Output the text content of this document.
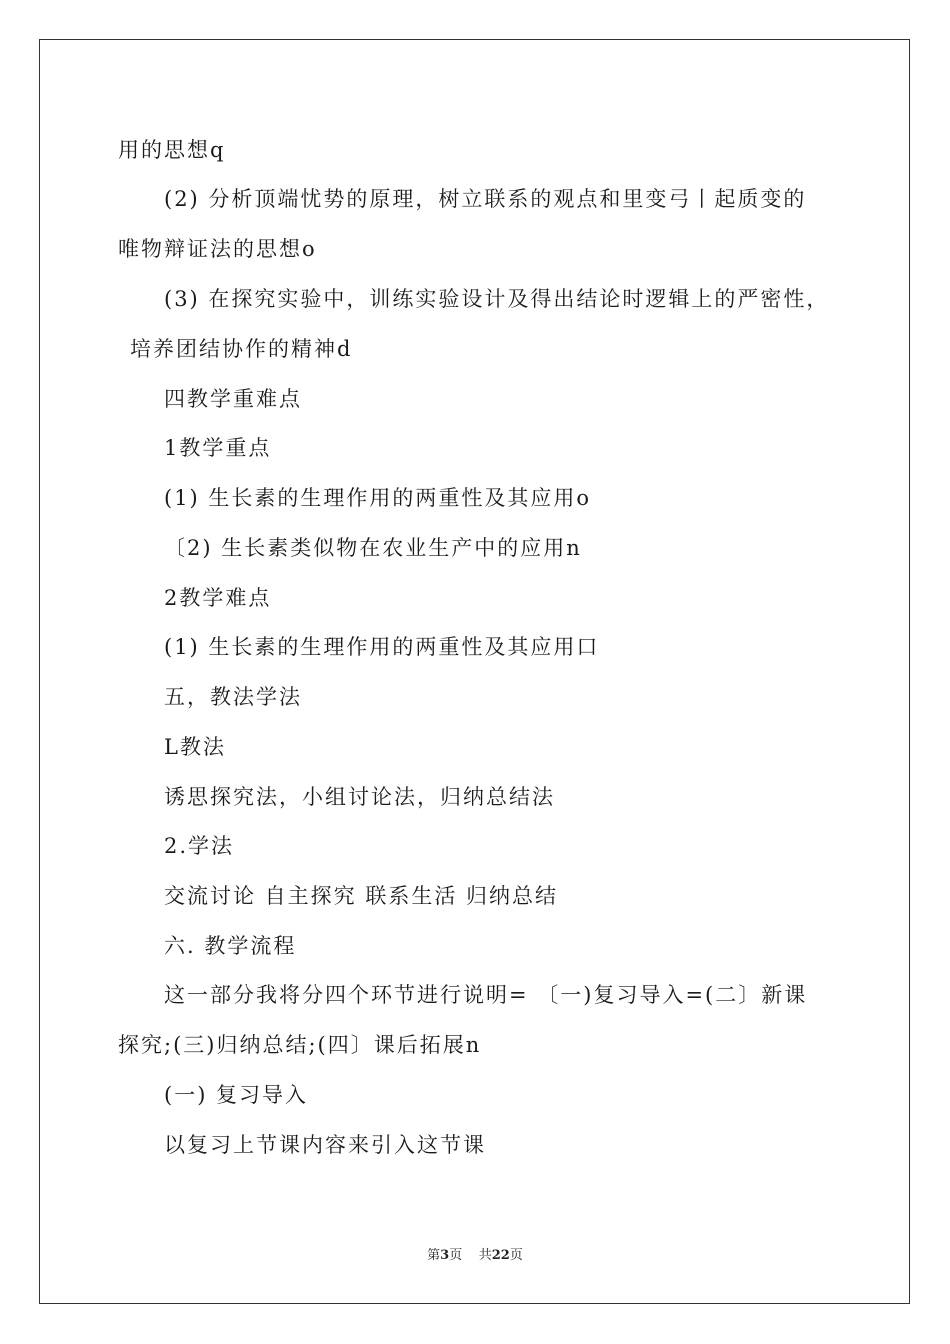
用的思想q
(2) 分析顶端忧势的原理，树立联系的观点和里变弓丨起质变的
唯物辩证法的思想o
(3) 在探究实验中，训练实验设计及得出结论时逻辑上的严密性，
培养团结协作的精神d
四教学重难点
1教学重点
(1) 生长素的生理作用的两重性及其应用o
〔2) 生长素类似物在农业生产中的应用n
2教学难点
(1) 生长素的生理作用的两重性及其应用口
五，教法学法
L教法
诱思探究法，小组讨论法，归纳总结法
2.学法
交流讨论 自主探究 联系生活 归纳总结
六. 教学流程
这一部分我将分四个环节进行说明= 〔一)复习导入=(二〕新课
探究;(三)归纳总结;(四〕课后拓展n
(一) 复习导入
以复习上节课内容来引入这节课
第3页 共22页
